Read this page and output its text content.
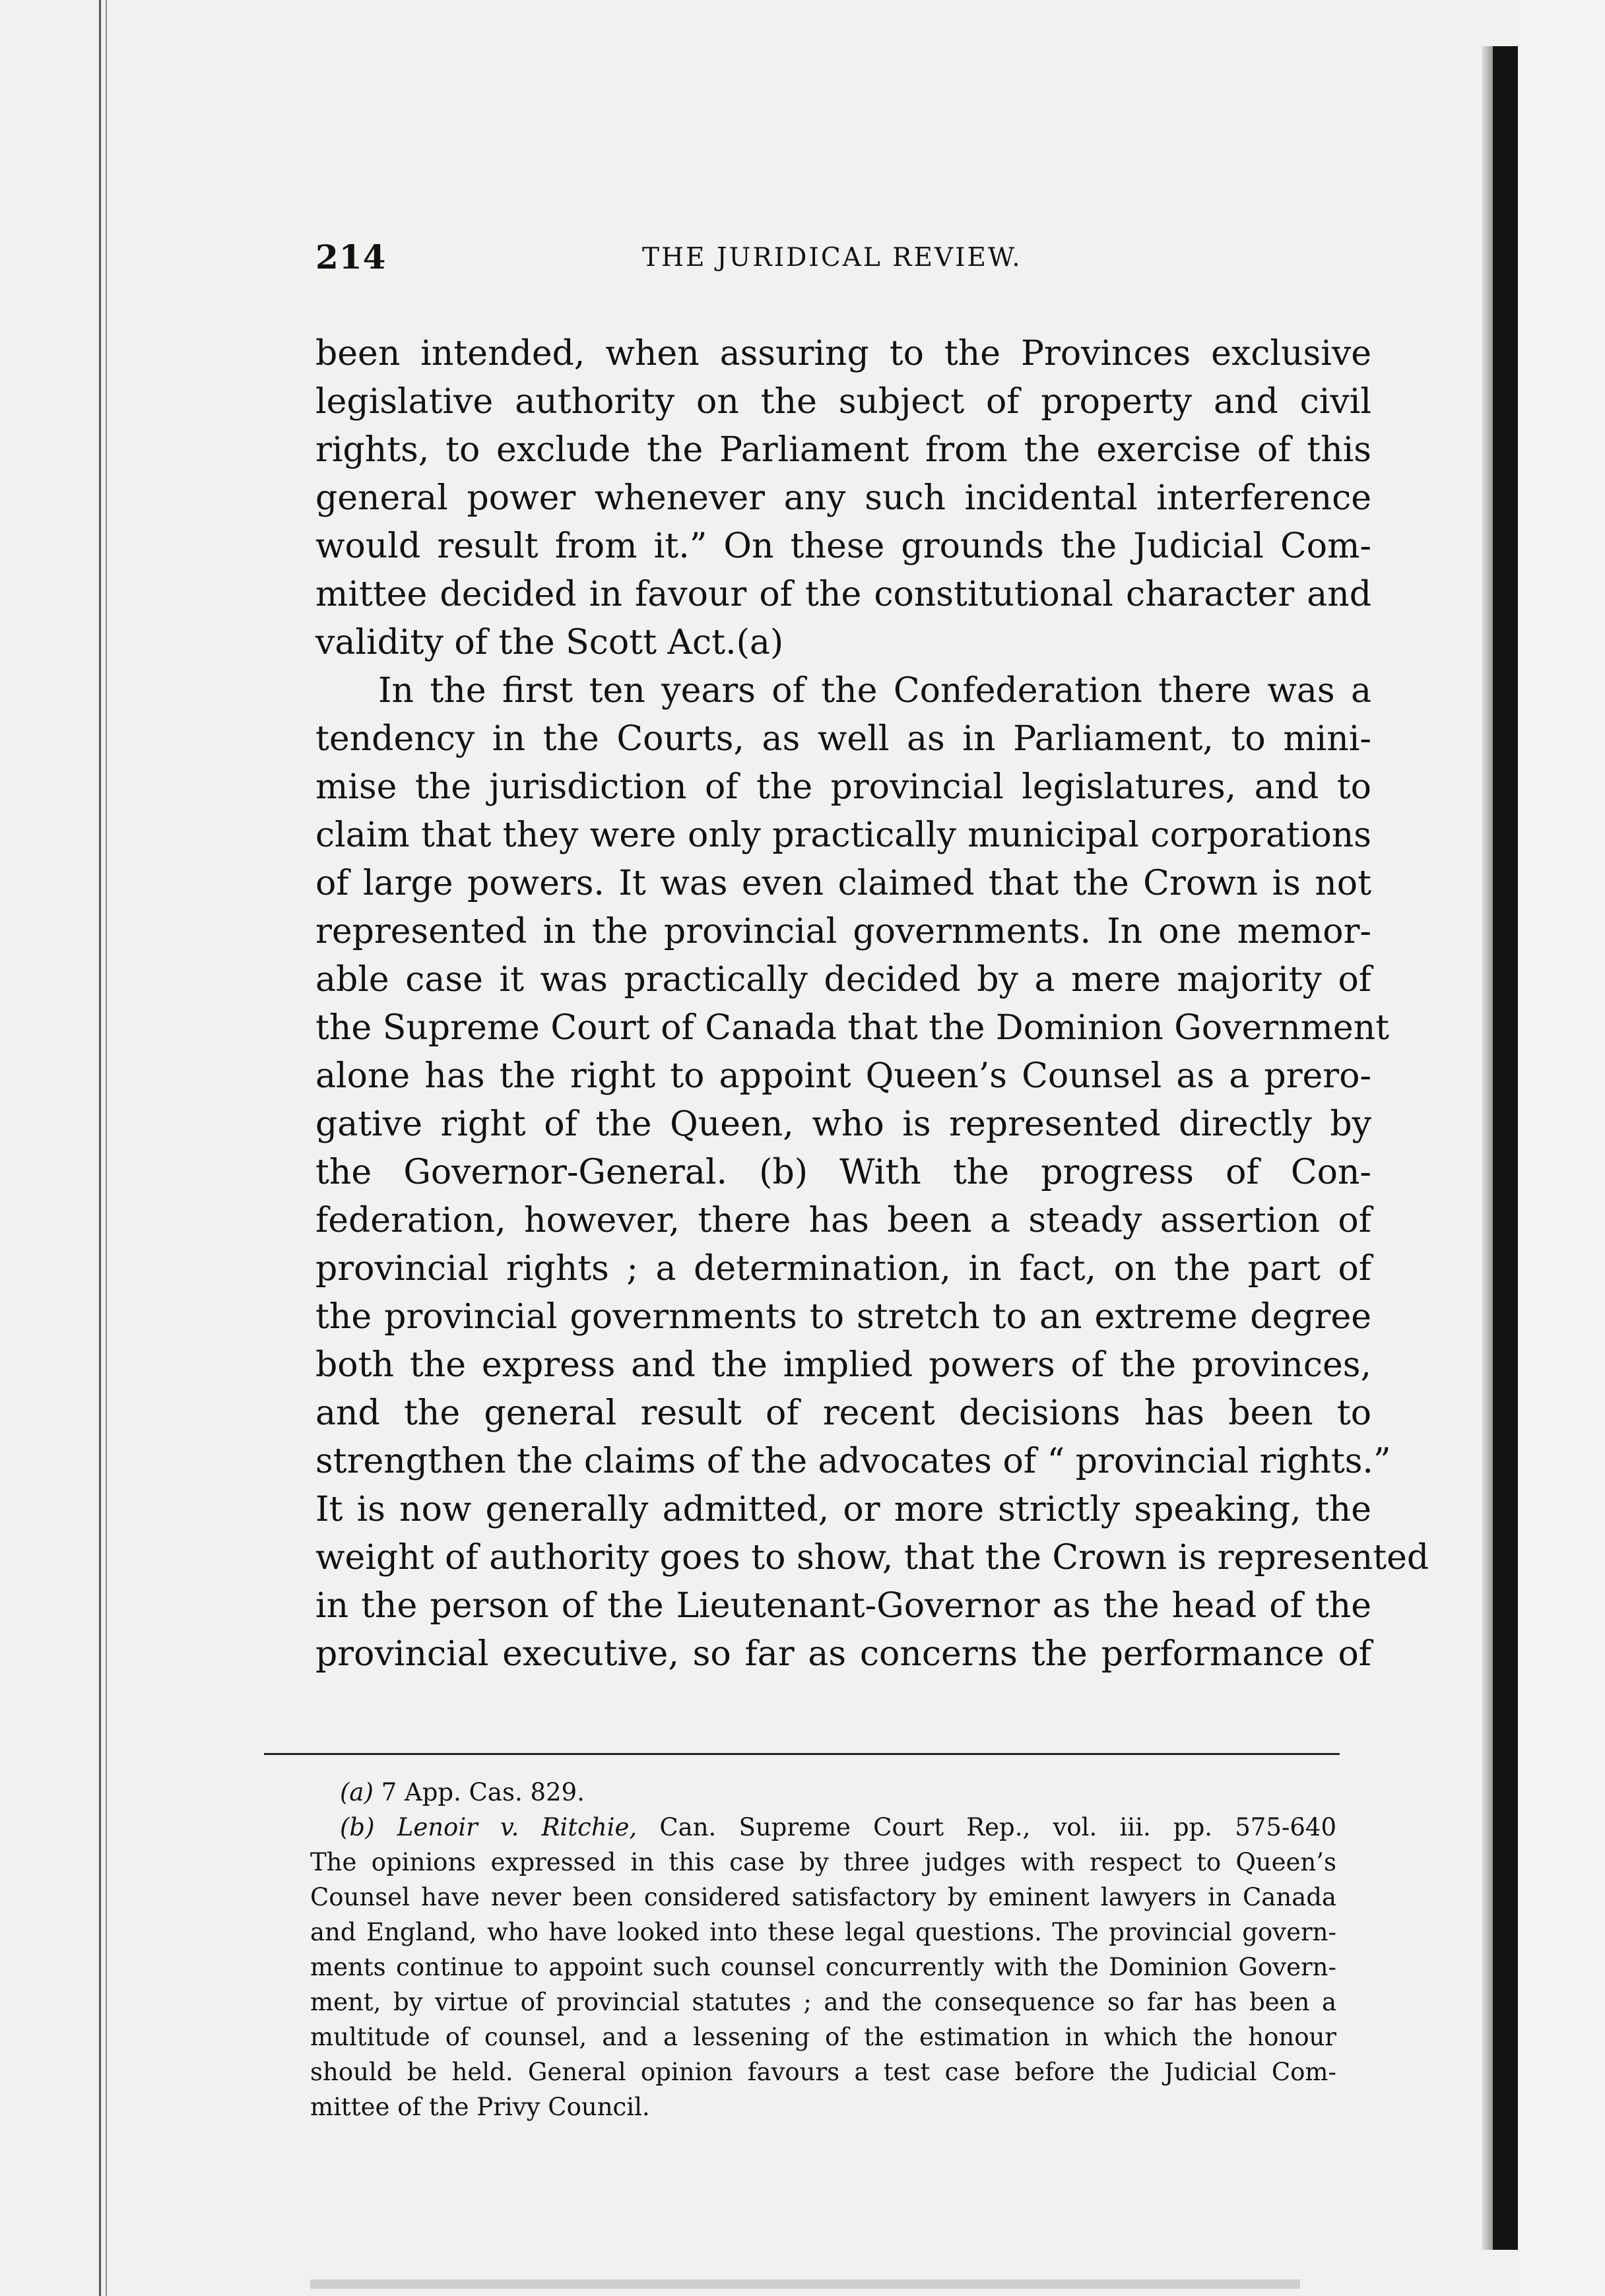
214	THE JURIDICAL REVIEW.
been intended, when assuring to the Provinces exclusive
legislative authority on the subject of property and civil
rights, to exclude the Parliament from the exercise of this
general power whenever any such incidental interference
would result from it.” On these grounds the Judicial Com-
mittee decided in favour of the constitutional character and
validity of the Scott Act.(a)
In the first ten years of the Confederation there was a
tendency in the Courts, as well as in Parliament, to mini-
mise the jurisdiction of the provincial legislatures, and to
claim that they were only practically municipal corporations
of large powers. It was even claimed that the Crown is not
represented in the provincial governments. In one memor-
able case it was practically decided by a mere majority of
the Supreme Court of Canada that the Dominion Government
alone has the right to appoint Queen’s Counsel as a prero-
gative right of the Queen, who is represented directly by
the Governor-General. (b) With the progress of Con-
federation, however, there has been a steady assertion of
provincial rights ; a determination, in fact, on the part of
the provincial governments to stretch to an extreme degree
both the express and the implied powers of the provinces,
and the general result of recent decisions has been to
strengthen the claims of the advocates of “ provincial rights.”
It is now generally admitted, or more strictly speaking, the
weight of authority goes to show, that the Crown is represented
in the person of the Lieutenant-Governor as the head of the
provincial executive, so far as concerns the performance of
(a) 7 App. Cas. 829.
(b) Lenoir v. Ritchie, Can. Supreme Court Rep., vol. iii. pp. 575-640
The opinions expressed in this case by three judges with respect to Queen’s
Counsel have never been considered satisfactory by eminent lawyers in Canada
and England, who have looked into these legal questions. The provincial govern-
ments continue to appoint such counsel concurrently with the Dominion Govern-
ment, by virtue of provincial statutes ; and the consequence so far has been a
multitude of counsel, and a lessening of the estimation in which the honour
should be held. General opinion favours a test case before the Judicial Com-
mittee of the Privy Council.
